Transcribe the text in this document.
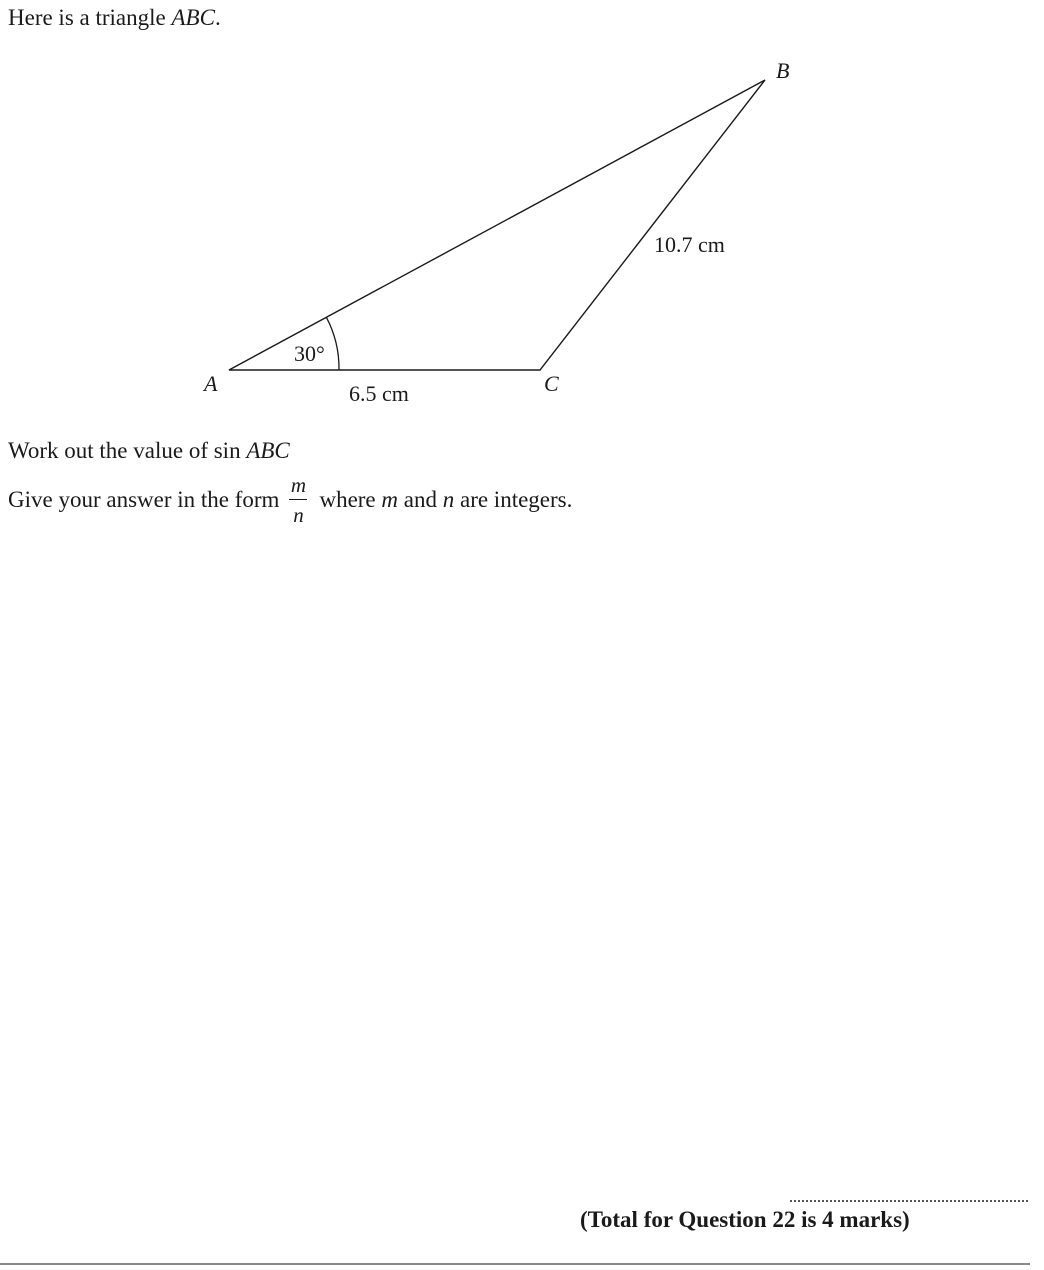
Here is a triangle ABC.
A
B
C
30°
6.5 cm
10.7 cm
Work out the value of sin ABC
Give your answer in the form $\frac{m}{n}$ where m and n are integers.
(Total for Question 22 is 4 marks)
